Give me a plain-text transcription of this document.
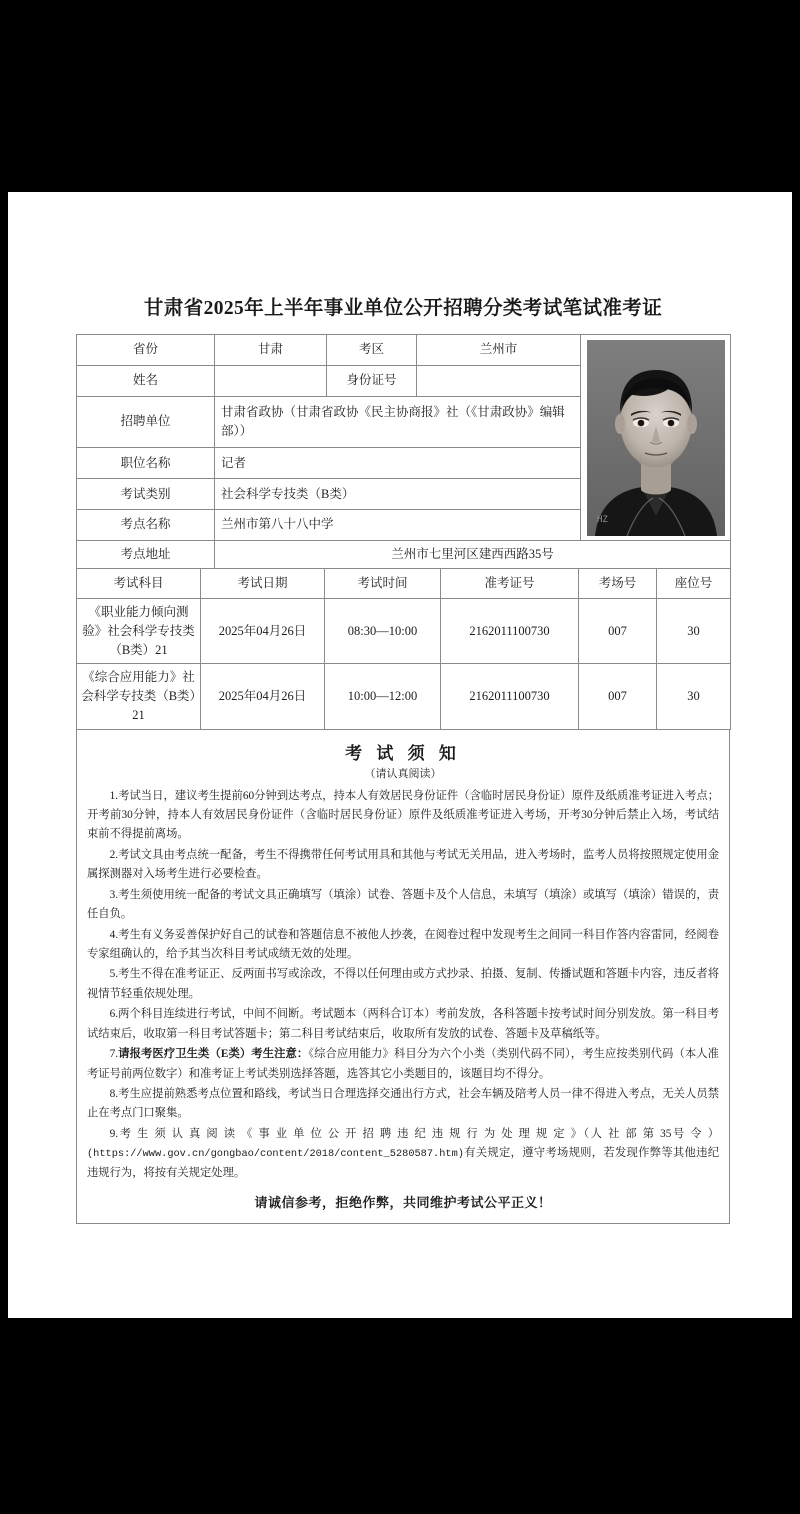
甘肃省2025年上半年事业单位公开招聘分类考试笔试准考证
省份	甘肃	考区	兰州市	HZ

姓名		身份证号		

招聘单位	甘肃省政协（甘肃省政协《民主协商报》社（《甘肃政协》编辑部））			
职位名称	记者			
考试类别	社会科学专技类（B类）			
考点名称	兰州市第八十八中学			
考点地址	兰州市七里河区建西西路35号			
考试科目	考试日期	考试时间	准考证号	考场号	座位号
《职业能力倾向测验》社会科学专技类（B类）21	2025年04月26日	08:30—10:00	2162011100730	007	30
《综合应用能力》社会科学专技类（B类）21	2025年04月26日	10:00—12:00	2162011100730	007	30
考 试 须 知
（请认真阅读）

1.考试当日，建议考生提前60分钟到达考点，持本人有效居民身份证件（含临时居民身份证）原件及纸质准考证进入考点；开考前30分钟，持本人有效居民身份证件（含临时居民身份证）原件及纸质准考证进入考场，开考30分钟后禁止入场，考试结束前不得提前离场。

2.考试文具由考点统一配备，考生不得携带任何考试用具和其他与考试无关用品，进入考场时，监考人员将按照规定使用金属探测器对入场考生进行必要检查。

3.考生须使用统一配备的考试文具正确填写（填涂）试卷、答题卡及个人信息，未填写（填涂）或填写（填涂）错误的，责任自负。

4.考生有义务妥善保护好自己的试卷和答题信息不被他人抄袭，在阅卷过程中发现考生之间同一科目作答内容雷同，经阅卷专家组确认的，给予其当次科目考试成绩无效的处理。

5.考生不得在准考证正、反两面书写或涂改，不得以任何理由或方式抄录、拍摄、复制、传播试题和答题卡内容，违反者将视情节轻重依规处理。

6.两个科目连续进行考试，中间不间断。考试题本（两科合订本）考前发放，各科答题卡按考试时间分别发放。第一科目考试结束后，收取第一科目考试答题卡；第二科目考试结束后，收取所有发放的试卷、答题卡及草稿纸等。

7.请报考医疗卫生类（E类）考生注意：《综合应用能力》科目分为六个小类（类别代码不同），考生应按类别代码（本人准考证号前两位数字）和准考证上考试类别选择答题，选答其它小类题目的，该题目均不得分。

8.考生应提前熟悉考点位置和路线，考试当日合理选择交通出行方式，社会车辆及陪考人员一律不得进入考点，无关人员禁止在考点门口聚集。

9.考 生 须 认 真 阅 读 《 事 业 单 位 公 开 招 聘 违 纪 违 规 行 为 处 理 规 定 》（人 社 部 第 35号 令 ）(https://www.gov.cn/gongbao/content/2018/content_5280587.htm)有关规定，遵守考场规则，若发现作弊等其他违纪违规行为，将按有关规定处理。

请诚信参考，拒绝作弊，共同维护考试公平正义！
